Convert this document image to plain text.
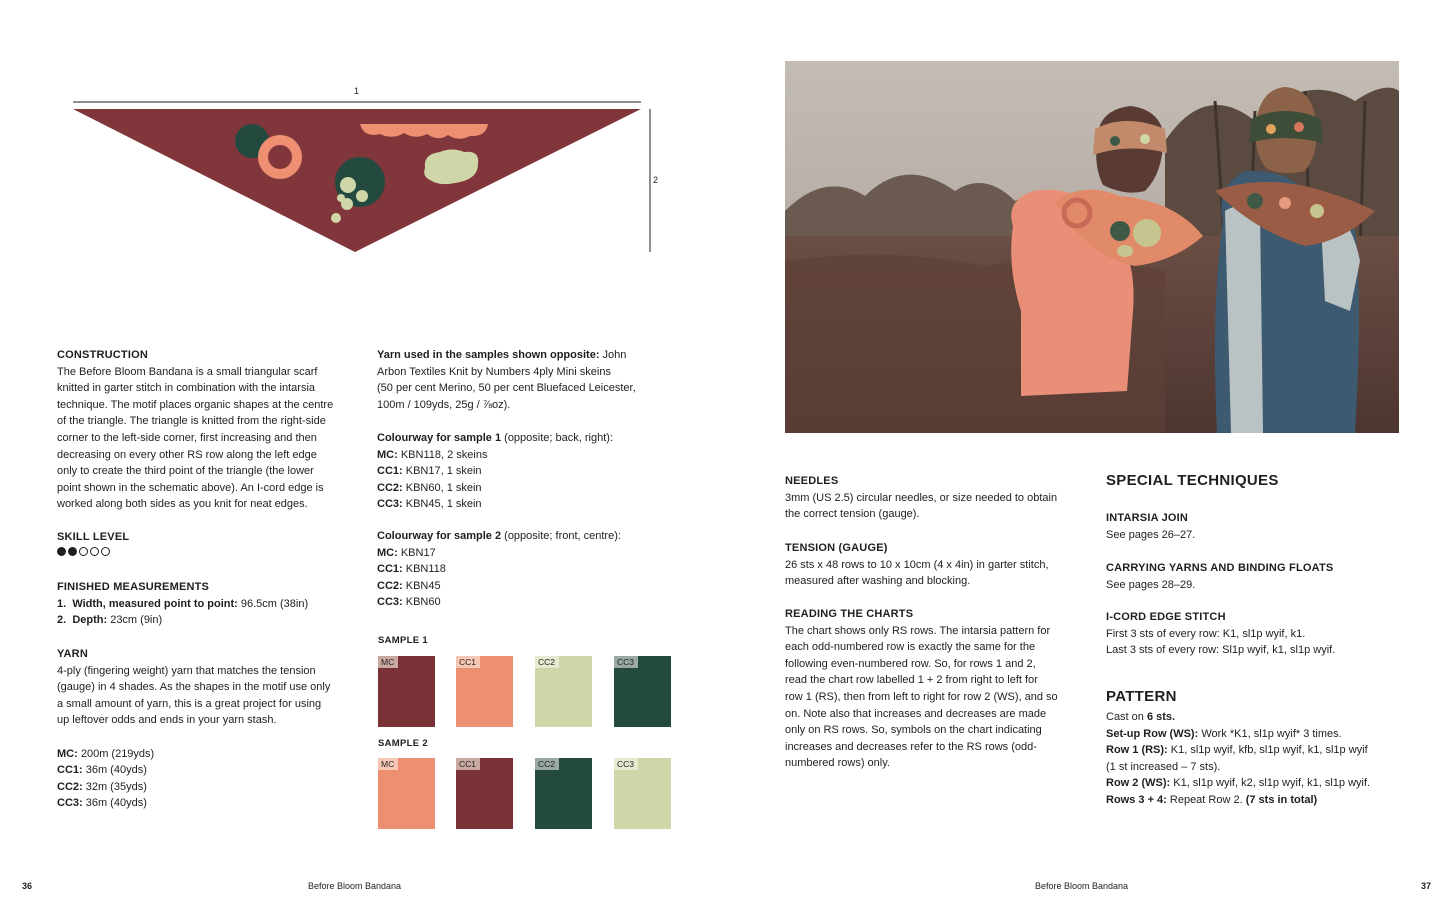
1
2
CONSTRUCTION
The Before Bloom Bandana is a small triangular scarf
knitted in garter stitch in combination with the intarsia
technique. The motif places organic shapes at the centre
of the triangle. The triangle is knitted from the right-side
corner to the left-side corner, first increasing and then
decreasing on every other RS row along the left edge
only to create the third point of the triangle (the lower
point shown in the schematic above). An I-cord edge is
worked along both sides as you knit for neat edges.
SKILL LEVEL
FINISHED MEASUREMENTS
1. Width, measured point to point: 96.5cm (38in)
2. Depth: 23cm (9in)
YARN
4-ply (fingering weight) yarn that matches the tension
(gauge) in 4 shades. As the shapes in the motif use only
a small amount of yarn, this is a great project for using
up leftover odds and ends in your yarn stash.
MC: 200m (219yds)
CC1: 36m (40yds)
CC2: 32m (35yds)
CC3: 36m (40yds)
Yarn used in the samples shown opposite: John
Arbon Textiles Knit by Numbers 4ply Mini skeins
(50 per cent Merino, 50 per cent Bluefaced Leicester,
100m / 109yds, 25g / ⅞oz).
Colourway for sample 1 (opposite; back, right):
MC: KBN118, 2 skeins
CC1: KBN17, 1 skein
CC2: KBN60, 1 skein
CC3: KBN45, 1 skein
Colourway for sample 2 (opposite; front, centre):
MC: KBN17
CC1: KBN118
CC2: KBN45
CC3: KBN60
SAMPLE 1
MC	CC1	CC2	CC3
SAMPLE 2
MC	CC1	CC2	CC3
NEEDLES
3mm (US 2.5) circular needles, or size needed to obtain
the correct tension (gauge).
TENSION (GAUGE)
26 sts x 48 rows to 10 x 10cm (4 x 4in) in garter stitch,
measured after washing and blocking.
READING THE CHARTS
The chart shows only RS rows. The intarsia pattern for
each odd-numbered row is exactly the same for the
following even-numbered row. So, for rows 1 and 2,
read the chart row labelled 1 + 2 from right to left for
row 1 (RS), then from left to right for row 2 (WS), and so
on. Note also that increases and decreases are made
only on RS rows. So, symbols on the chart indicating
increases and decreases refer to the RS rows (odd-
numbered rows) only.
SPECIAL TECHNIQUES
INTARSIA JOIN
See pages 26–27.
CARRYING YARNS AND BINDING FLOATS
See pages 28–29.
I-CORD EDGE STITCH
First 3 sts of every row: K1, sl1p wyif, k1.
Last 3 sts of every row: Sl1p wyif, k1, sl1p wyif.
PATTERN
Cast on 6 sts.
Set-up Row (WS): Work *K1, sl1p wyif* 3 times.
Row 1 (RS): K1, sl1p wyif, kfb, sl1p wyif, k1, sl1p wyif
(1 st increased – 7 sts).
Row 2 (WS): K1, sl1p wyif, k2, sl1p wyif, k1, sl1p wyif.
Rows 3 + 4: Repeat Row 2. (7 sts in total)
36	Before Bloom Bandana	Before Bloom Bandana	37
